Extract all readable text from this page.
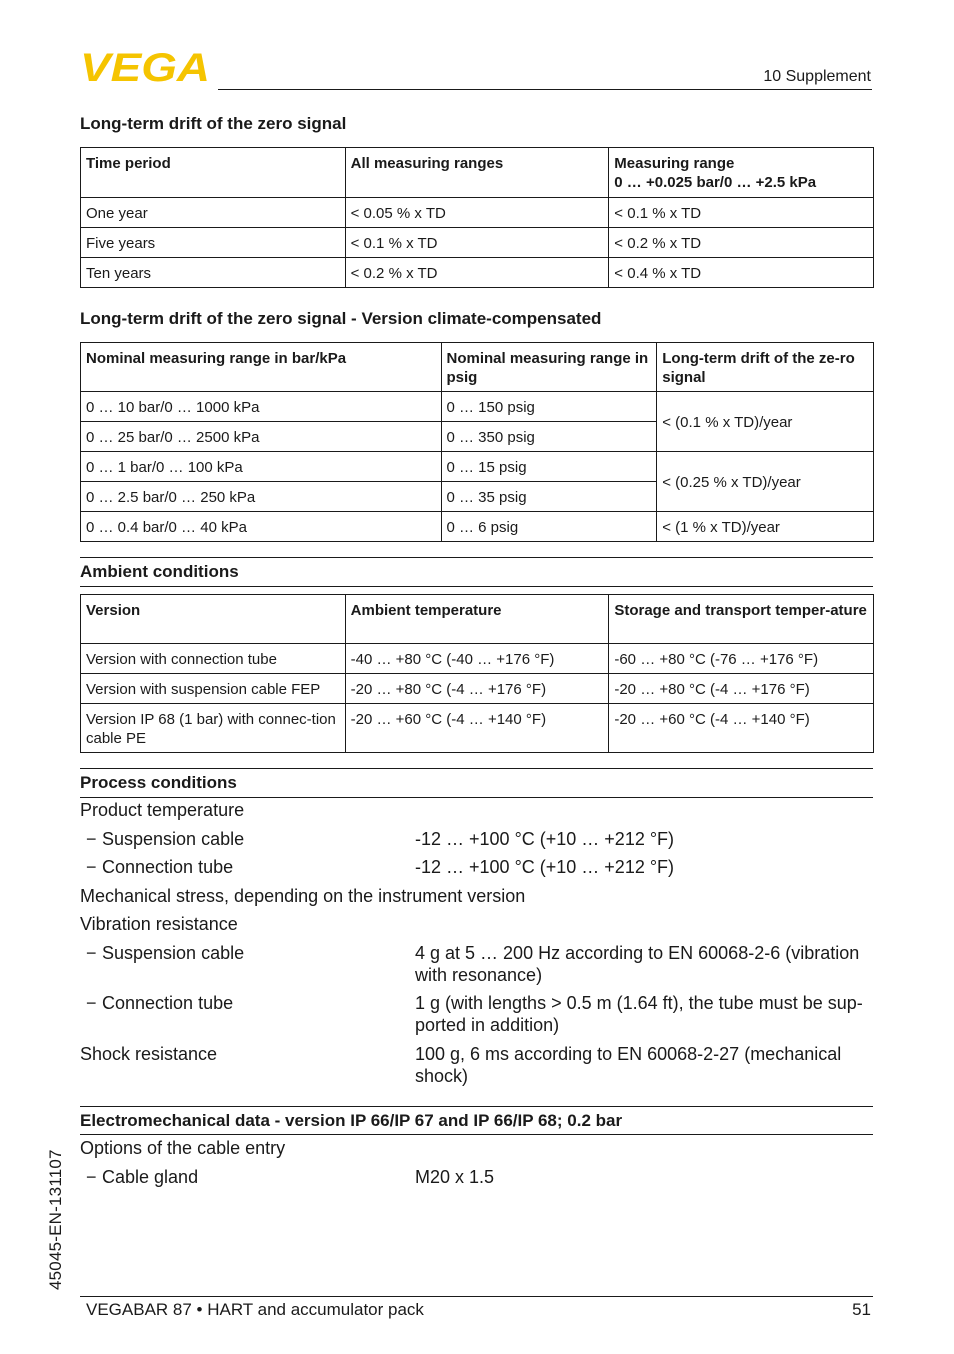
VEGA	10 Supplement
Long-term drift of the zero signal
Time period	All measuring ranges	Measuring range
0 … +0.025 bar/0 … +2.5 kPa

One year	< 0.05 % x TD	< 0.1 % x TD
Five years	< 0.1 % x TD	< 0.2 % x TD
Ten years	< 0.2 % x TD	< 0.4 % x TD
Long-term drift of the zero signal - Version climate-compensated
Nominal measuring range in bar/kPa	Nominal measuring range in psig	Long-term drift of the ze-ro signal
0 … 10 bar/0 … 1000 kPa	0 … 150 psig	< (0.1 % x TD)/year
0 … 25 bar/0 … 2500 kPa	0 … 350 psig	
0 … 1 bar/0 … 100 kPa	0 … 15 psig	< (0.25 % x TD)/year
0 … 2.5 bar/0 … 250 kPa	0 … 35 psig	
0 … 0.4 bar/0 … 40 kPa	0 … 6 psig	< (1 % x TD)/year
Ambient conditions
Version	Ambient temperature	Storage and transport temper-ature
Version with connection tube	-40 … +80 °C (-40 … +176 °F)	-60 … +80 °C (-76 … +176 °F)
Version with suspension cable FEP	-20 … +80 °C (-4 … +176 °F)	-20 … +80 °C (-4 … +176 °F)
Version IP 68 (1 bar) with connec-tion cable PE	-20 … +60 °C (-4 … +140 °F)	-20 … +60 °C (-4 … +140 °F)
Process conditions
Product temperature
− Suspension cable	-12 … +100 °C (+10 … +212 °F)
− Connection tube	-12 … +100 °C (+10 … +212 °F)
Mechanical stress, depending on the instrument version
Vibration resistance
− Suspension cable	4 g at 5 … 200 Hz according to EN 60068-2-6 (vibration with resonance)
− Connection tube	1 g (with lengths > 0.5 m (1.64 ft), the tube must be sup-ported in addition)
Shock resistance	100 g, 6 ms according to EN 60068-2-27 (mechanical shock)
Electromechanical data - version IP 66/IP 67 and IP 66/IP 68; 0.2 bar
Options of the cable entry
− Cable gland	M20 x 1.5
45045-EN-131107
VEGABAR 87 • HART and accumulator pack	51
